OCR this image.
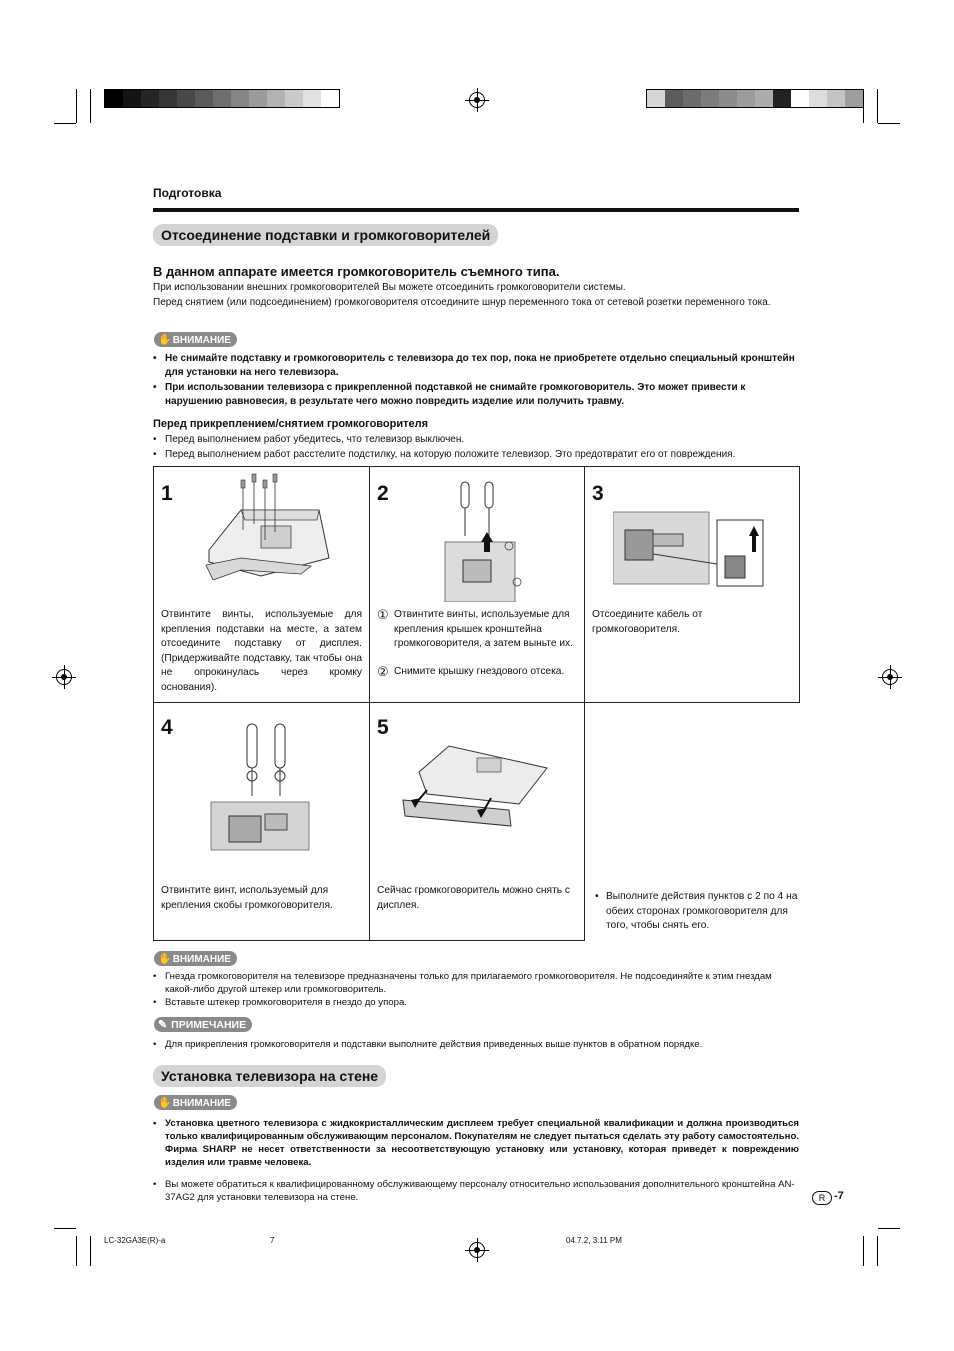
Подготовка
Отсоединение подставки и громкоговорителей
В данном аппарате имеется громкоговоритель съемного типа.
При использовании внешних громкоговорителей Вы можете отсоединить громкоговорители системы.
Перед снятием (или подсоединением) громкоговорителя отсоедините шнур переменного тока от сетевой розетки переменного тока.
✋ВНИМАНИЕ
• Не снимайте подставку и громкоговоритель с телевизора до тех пор, пока не приобретете отдельно специальный кронштейн для установки на него телевизора.
• При использовании телевизора с прикрепленной подставкой не снимайте громкоговоритель. Это может привести к нарушению равновесия, в результате чего можно повредить изделие или получить травму.
Перед прикреплением/снятием громкоговорителя
• Перед выполнением работ убедитесь, что телевизор выключен.
• Перед выполнением работ расстелите подстилку, на которую положите телевизор. Это предотвратит его от повреждения.
1
Отвинтите винты, используемые для крепления подставки на месте, а затем отсоедините подставку от дисплея. (Придерживайте подставку, так чтобы она не опрокинулась через кромку основания).
2
① Отвинтите винты, используемые для крепления крышек кронштейна громкоговорителя, а затем выньте их.
② Снимите крышку гнездового отсека.
3
Отсоедините кабель от громкоговорителя.
4
Отвинтите винт, используемый для крепления скобы громкоговорителя.
5
Сейчас громкоговоритель можно снять с дисплея.
• Выполните действия пунктов с 2 по 4 на обеих сторонах громкоговорителя для того, чтобы снять его.
✋ВНИМАНИЕ
• Гнезда громкоговорителя на телевизоре предназначены только для прилагаемого громкоговорителя. Не подсоединяйте к этим гнездам какой-либо другой штекер или громкоговоритель.
• Вставьте штекер громкоговорителя в гнездо до упора.
✎ ПРИМЕЧАНИЕ
• Для прикрепления громкоговорителя и подставки выполните действия приведенных выше пунктов в обратном порядке.
Установка телевизора на стене
✋ВНИМАНИЕ
• Установка цветного телевизора с жидкокристаллическим дисплеем требует специальной квалификации и должна производиться только квалифицированным обслуживающим персоналом. Покупателям не следует пытаться сделать эту работу самостоятельно. Фирма SHARP не несет ответственности за несоответствующую установку или установку, которая приведет к повреждению изделия или травме человека.
• Вы можете обратиться к квалифицированному обслуживающему персоналу относительно использования дополнительного кронштейна AN-37AG2 для установки телевизора на стене.	R -7
LC-32GA3E(R)-a	7	04.7.2, 3:11 PM
